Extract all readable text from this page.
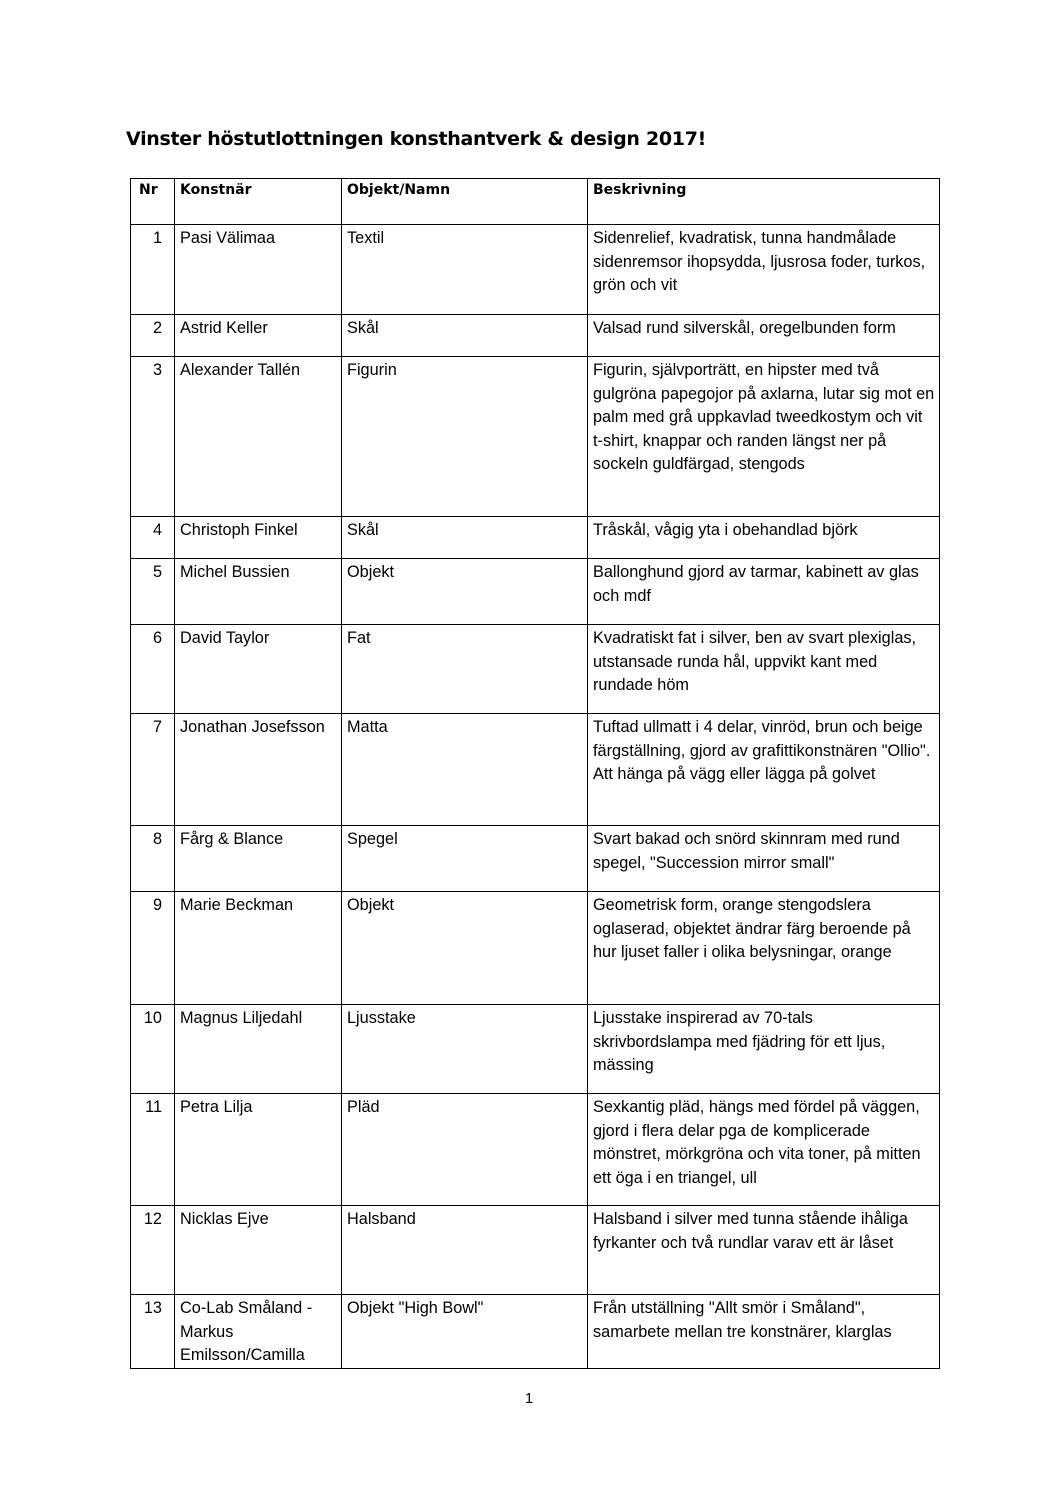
Vinster höstutlottningen konsthantverk & design 2017!
Nr	Konstnär	Objekt/Namn	Beskrivning
1	Pasi Välimaa	Textil	Sidenrelief, kvadratisk, tunna handmålade sidenremsor ihopsydda, ljusrosa foder, turkos, grön och vit
2	Astrid Keller	Skål	Valsad rund silverskål, oregelbunden form
3	Alexander Tallén	Figurin	Figurin, självporträtt, en hipster med två gulgröna papegojor på axlarna, lutar sig mot en palm med grå uppkavlad tweedkostym och vit t-shirt, knappar och randen längst ner på sockeln guldfärgad, stengods
4	Christoph Finkel	Skål	Tråskål, vågig yta i obehandlad björk
5	Michel Bussien	Objekt	Ballonghund gjord av tarmar, kabinett av glas och mdf
6	David Taylor	Fat	Kvadratiskt fat i silver, ben av svart plexiglas, utstansade runda hål, uppvikt kant med rundade höm
7	Jonathan Josefsson	Matta	Tuftad ullmatt i 4 delar, vinröd, brun och beige färgställning, gjord av grafittikonstnären "Ollio". Att hänga på vägg eller lägga på golvet
8	Fårg & Blance	Spegel	Svart bakad och snörd skinnram med rund spegel, "Succession mirror small"
9	Marie Beckman	Objekt	Geometrisk form, orange stengodslera oglaserad, objektet ändrar färg beroende på hur ljuset faller i olika belysningar, orange
10	Magnus Liljedahl	Ljusstake	Ljusstake inspirerad av 70-tals skrivbordslampa med fjädring för ett ljus, mässing
11	Petra Lilja	Pläd	Sexkantig pläd, hängs med fördel på väggen, gjord i flera delar pga de komplicerade mönstret, mörkgröna och vita toner, på mitten ett öga i en triangel, ull
12	Nicklas Ejve	Halsband	Halsband i silver med tunna stående ihåliga fyrkanter och två rundlar varav ett är låset
13	Co-Lab Småland - Markus Emilsson/Camilla	Objekt "High Bowl"	Från utställning "Allt smör i Småland", samarbete mellan tre konstnärer, klarglas
1
